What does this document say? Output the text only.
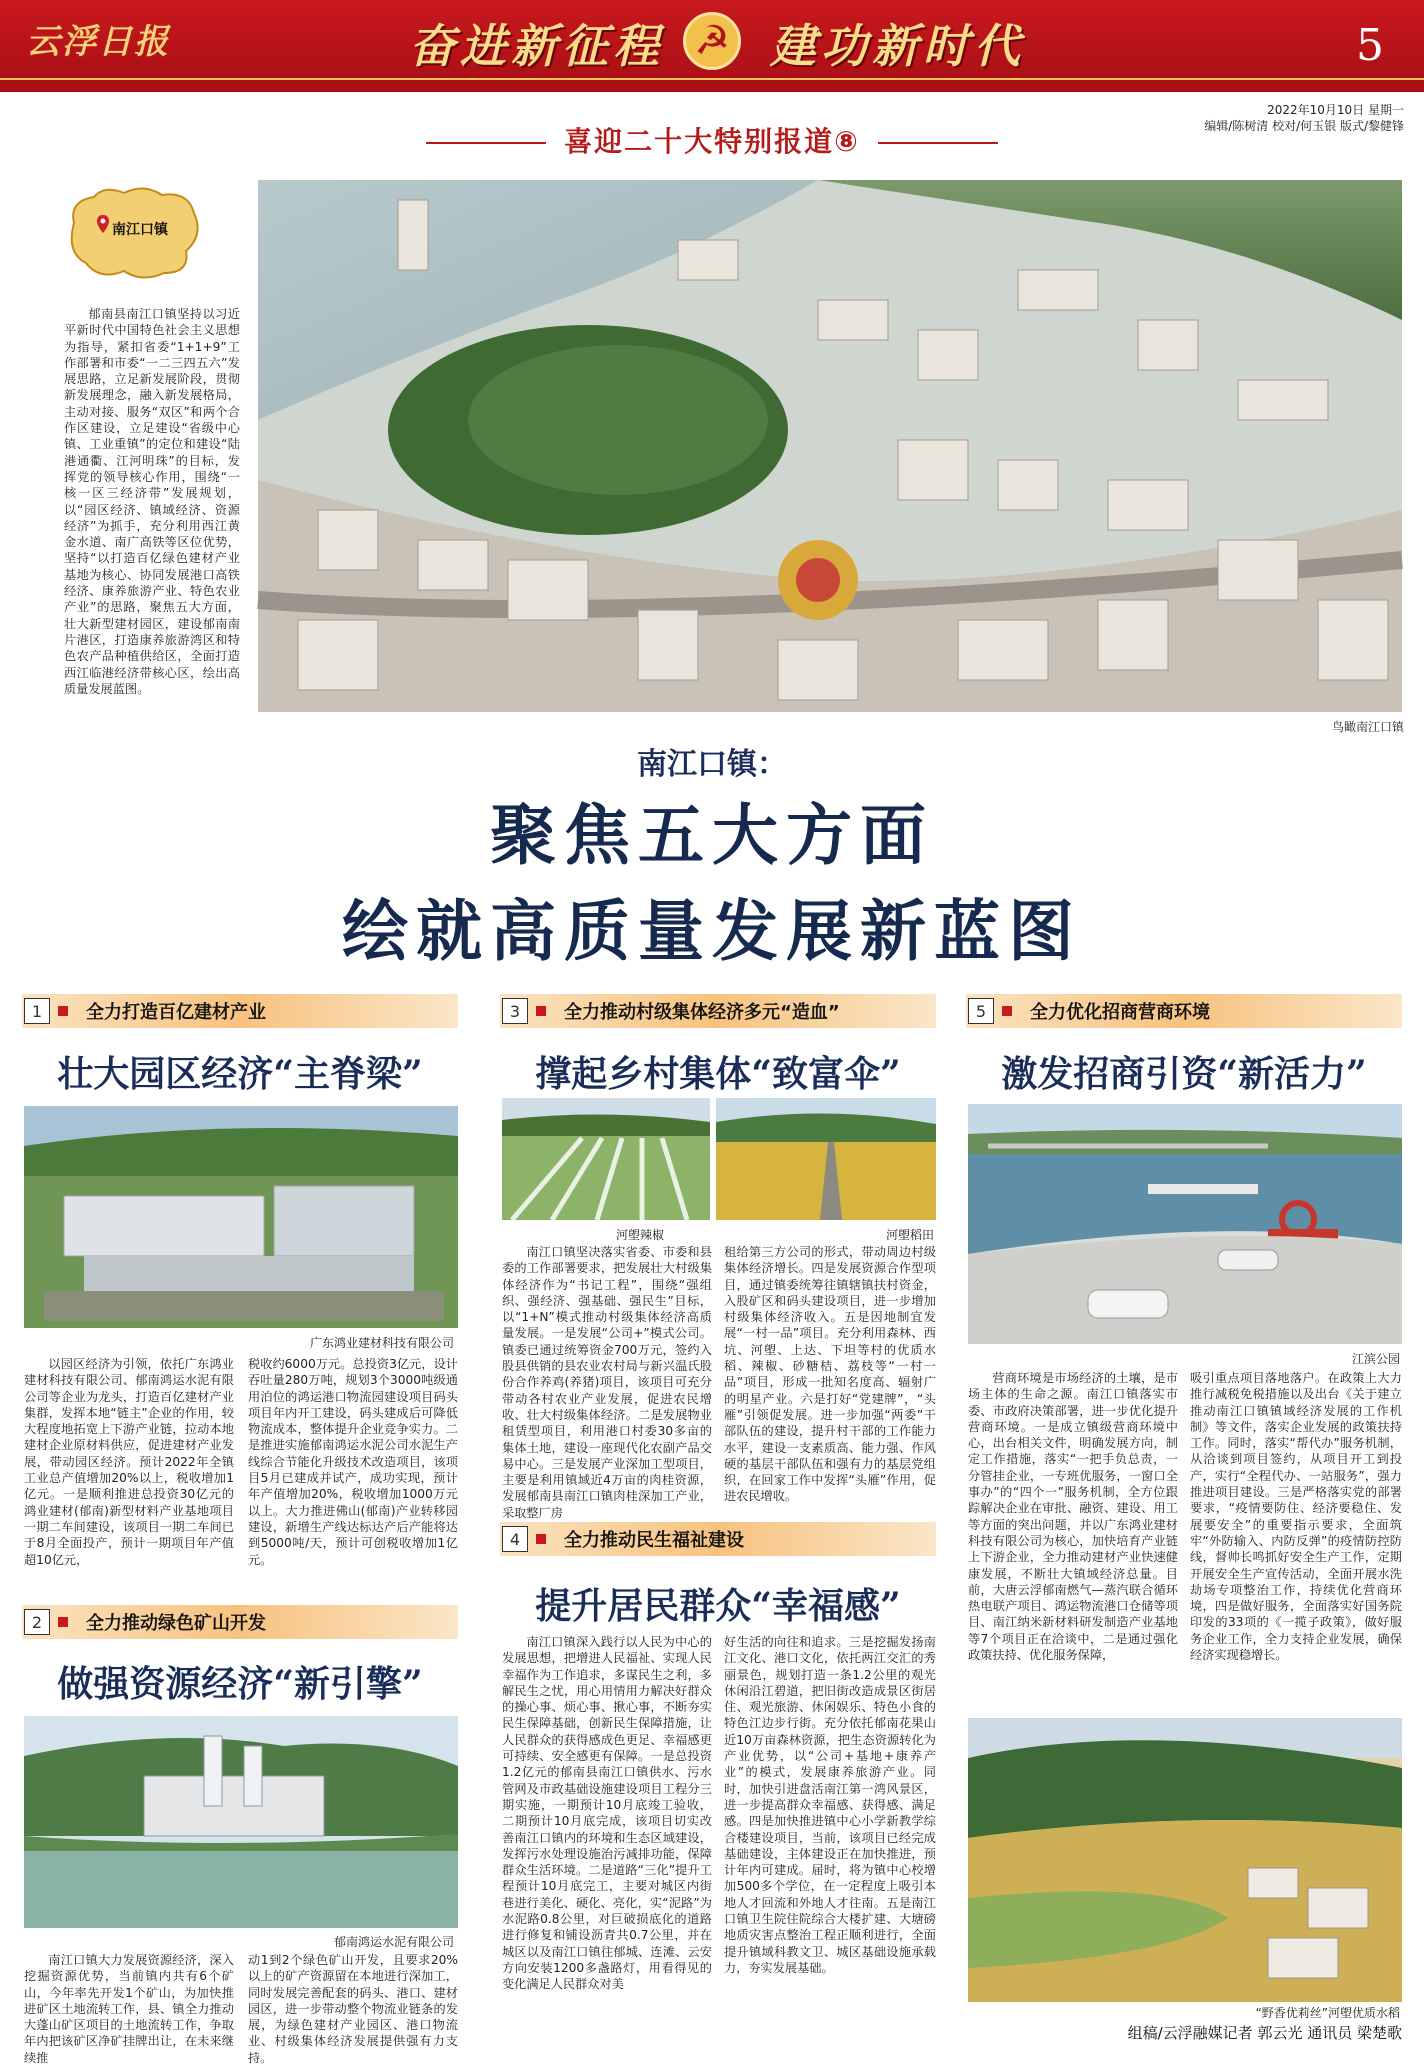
云浮日报	奋进新征程 ☭ 建功新时代	5
2022年10月10日 星期一
编辑/陈树清 校对/何玉银 版式/黎健锋
喜迎二十大特别报道⑧
南江口镇
郁南县南江口镇坚持以习近平新时代中国特色社会主义思想为指导，紧扣省委“1+1+9”工作部署和市委“一二三四五六”发展思路，立足新发展阶段，贯彻新发展理念，融入新发展格局，主动对接、服务“双区”和两个合作区建设，立足建设“省级中心镇、工业重镇”的定位和建设“陆港通衢、江河明珠”的目标，发挥党的领导核心作用，围绕“一核一区三经济带”发展规划，以“园区经济、镇域经济、资源经济”为抓手，充分利用西江黄金水道、南广高铁等区位优势，坚持“以打造百亿绿色建材产业基地为核心、协同发展港口高铁经济、康养旅游产业、特色农业产业”的思路，聚焦五大方面，壮大新型建材园区，建设郁南南片港区，打造康养旅游湾区和特色农产品种植供给区，全面打造西江临港经济带核心区，绘出高质量发展蓝图。
鸟瞰南江口镇
南江口镇：
聚焦五大方面
绘就高质量发展新蓝图
1	全力打造百亿建材产业
壮大园区经济“主脊梁”
广东鸿业建材科技有限公司
以园区经济为引领，依托广东鸿业建材科技有限公司、郁南鸿运水泥有限公司等企业为龙头，打造百亿建材产业集群，发挥本地“链主”企业的作用，较大程度地拓宽上下游产业链，拉动本地建材企业原材料供应，促进建材产业发展，带动园区经济。预计2022年全镇工业总产值增加20%以上，税收增加1亿元。一是顺利推进总投资30亿元的鸿业建材(郁南)新型材料产业基地项目一期二车间建设，该项目一期二车间已于8月全面投产，预计一期项目年产值超10亿元，
税收约6000万元。总投资3亿元，设计吞吐量280万吨，规划3个3000吨级通用泊位的鸿运港口物流园建设项目码头项目年内开工建设，码头建成后可降低物流成本，整体提升企业竞争实力。二是推进实施郁南鸿运水泥公司水泥生产线综合节能化升级技术改造项目，该项目5月已建成并试产，成功实现，预计年产值增加20%，税收增加1000万元以上。大力推进佛山(郁南)产业转移园建设，新增生产线达标达产后产能将达到5000吨/天，预计可创税收增加1亿元。
2	全力推动绿色矿山开发
做强资源经济“新引擎”
郁南鸿运水泥有限公司
南江口镇大力发展资源经济，深入挖掘资源优势，当前镇内共有6个矿山，今年率先开发1个矿山，为加快推进矿区土地流转工作，县、镇全力推动大蓬山矿区项目的土地流转工作，争取年内把该矿区净矿挂牌出让，在未来继续推
动1到2个绿色矿山开发，且要求20%以上的矿产资源留在本地进行深加工，同时发展完善配套的码头、港口、建材园区，进一步带动整个物流业链条的发展，为绿色建材产业园区、港口物流业、村级集体经济发展提供强有力支持。
3	全力推动村级集体经济多元“造血”
撑起乡村集体“致富伞”
河塱辣椒	河塱稻田
南江口镇坚决落实省委、市委和县委的工作部署要求，把发展壮大村级集体经济作为“书记工程”，围绕“强组织、强经济、强基础、强民生”目标，以“1+N”模式推动村级集体经济高质量发展。一是发展“公司+”模式公司。镇委已通过统筹资金700万元，签约入股县供销的县农业农村局与新兴温氏股份合作养鸡(养猪)项目，该项目可充分带动各村农业产业发展，促进农民增收、壮大村级集体经济。二是发展物业租赁型项目，利用港口村委30多亩的集体土地，建设一座现代化农副产品交易中心。三是发展产业深加工型项目，主要是利用镇域近4万亩的肉桂资源，发展郁南县南江口镇肉桂深加工产业，采取整厂房
租给第三方公司的形式，带动周边村级集体经济增长。四是发展资源合作型项目，通过镇委统筹往镇辖镇扶村资金，入股矿区和码头建设项目，进一步增加村级集体经济收入。五是因地制宜发展“一村一品”项目。充分利用森林、西坑、河塱、上达、下坦等村的优质水稻、辣椒、砂糖桔、荔枝等“一村一品”项目，形成一批知名度高、辐射广的明星产业。六是打好“党建牌”，“头雁”引领促发展。进一步加强“两委”干部队伍的建设，提升村干部的工作能力水平，建设一支素质高、能力强、作风硬的基层干部队伍和强有力的基层党组织，在回家工作中发挥“头雁”作用，促进农民增收。
4	全力推动民生福祉建设
提升居民群众“幸福感”
南江口镇深入践行以人民为中心的发展思想，把增进人民福祉、实现人民幸福作为工作追求，多谋民生之利，多解民生之忧，用心用情用力解决好群众的操心事、烦心事、揪心事，不断夯实民生保障基础，创新民生保障措施，让人民群众的获得感成色更足、幸福感更可持续、安全感更有保障。一是总投资1.2亿元的郁南县南江口镇供水、污水管网及市政基础设施建设项目工程分三期实施，一期预计10月底竣工验收，二期预计10月底完成，该项目切实改善南江口镇内的环境和生态区域建设，发挥污水处理设施治污减排功能，保障群众生活环境。二是道路“三化”提升工程预计10月底完工，主要对城区内街巷进行美化、硬化、亮化，实“泥路”为水泥路0.8公里，对巨破损底化的道路进行修复和铺设沥青共0.7公里，并在城区以及南江口镇往郁城、连滩、云安方向安装1200多盏路灯，用看得见的变化满足人民群众对美
好生活的向往和追求。三是挖掘发扬南江文化、港口文化，依托两江交汇的秀丽景色，规划打造一条1.2公里的观光休闲沿江碧道，把旧街改造成景区街居住、观光旅游、休闲娱乐、特色小食的特色江边步行街。充分依托郁南花果山近10万亩森林资源，把生态资源转化为产业优势，以“公司+基地+康养产业”的模式，发展康养旅游产业。同时，加快引进盘活南江第一湾风景区，进一步提高群众幸福感、获得感、满足感。四是加快推进镇中心小学新教学综合楼建设项目，当前，该项目已经完成基础建设，主体建设正在加快推进，预计年内可建成。届时，将为镇中心校增加500多个学位，在一定程度上吸引本地人才回流和外地人才往南。五是南江口镇卫生院住院综合大楼扩建、大塘磅地质灾害点整治工程正顺利进行，全面提升镇域科教文卫、城区基础设施承载力，夯实发展基础。
5	全力优化招商营商环境
激发招商引资“新活力”
江滨公园
营商环境是市场经济的土壤，是市场主体的生命之源。南江口镇落实市委、市政府决策部署，进一步优化提升营商环境。一是成立镇级营商环境中心，出台相关文件，明确发展方向，制定工作措施，落实“一把手负总责，一分管挂企业，一专班优服务，一窗口全事办”的“四个一”服务机制，全方位跟踪解决企业在审批、融资、建设、用工等方面的突出问题，并以广东鸿业建材科技有限公司为核心，加快培育产业链上下游企业，全力推动建材产业快速健康发展，不断壮大镇域经济总量。目前，大唐云浮郁南燃气—蒸汽联合循环热电联产项目、鸿运物流港口仓储等项目、南江纳米新材料研发制造产业基地等7个项目正在洽谈中，二是通过强化政策扶持、优化服务保障，
吸引重点项目落地落户。在政策上大力推行减税免税措施以及出台《关于建立推动南江口镇镇域经济发展的工作机制》等文件，落实企业发展的政策扶持工作。同时，落实“帮代办”服务机制，从洽谈到项目签约，从项目开工到投产，实行“全程代办、一站服务”，强力推进项目建设。三是严格落实党的部署要求，“疫情要防住、经济要稳住、发展要安全”的重要指示要求，全面筑牢“外防输入、内防反弹”的疫情防控防线，督帅长鸣抓好安全生产工作，定期开展安全生产宣传活动，全面开展水洗劫场专项整治工作，持续优化营商环境，四是做好服务，全面落实好国务院印发的33项的《一揽子政策》，做好服务企业工作，全力支持企业发展，确保经济实现稳增长。
“野香优莉丝”河塱优质水稻
组稿/云浮融媒记者 郭云光 通讯员 梁楚歌
